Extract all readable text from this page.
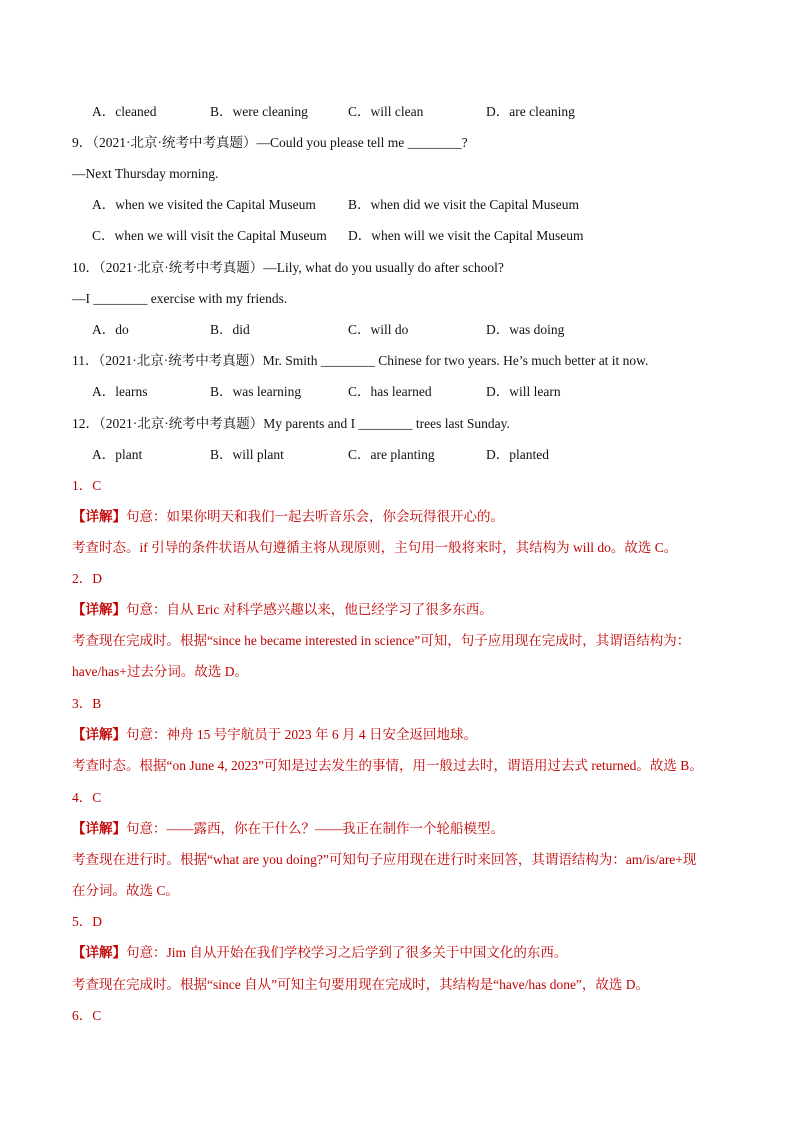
A．cleaned	B．were cleaning	C．will clean	D．are cleaning
9．（2021·北京·统考中考真题）—Could you please tell me ________?
—Next Thursday morning.
A．when we visited the Capital Museum B．when did we visit the Capital Museum
C．when we will visit the Capital Museum D．when will we visit the Capital Museum
10．（2021·北京·统考中考真题）—Lily, what do you usually do after school?
—I ________ exercise with my friends.
A．do	B．did	C．will do	D．was doing
11．（2021·北京·统考中考真题）Mr. Smith ________ Chinese for two years. He’s much better at it now.
A．learns	B．was learning	C．has learned	D．will learn
12．（2021·北京·统考中考真题）My parents and I ________ trees last Sunday.
A．plant	B．will plant	C．are planting	D．planted
1．C
【详解】句意：如果你明天和我们一起去听音乐会，你会玩得很开心的。
考查时态。if 引导的条件状语从句遵循主将从现原则，主句用一般将来时，其结构为 will do。故选 C。
2．D
【详解】句意：自从 Eric 对科学感兴趣以来，他已经学习了很多东西。
考查现在完成时。根据“since he became interested in science”可知，句子应用现在完成时，其谓语结构为：
have/has+过去分词。故选 D。
3．B
【详解】句意：神舟 15 号宇航员于 2023 年 6 月 4 日安全返回地球。
考查时态。根据“on June 4, 2023”可知是过去发生的事情，用一般过去时，谓语用过去式 returned。故选 B。
4．C
【详解】句意：——露西，你在干什么？——我正在制作一个轮船模型。
考查现在进行时。根据“what are you doing?”可知句子应用现在进行时来回答，其谓语结构为：am/is/are+现
在分词。故选 C。
5．D
【详解】句意：Jim 自从开始在我们学校学习之后学到了很多关于中国文化的东西。
考查现在完成时。根据“since 自从”可知主句要用现在完成时，其结构是“have/has done”，故选 D。
6．C
